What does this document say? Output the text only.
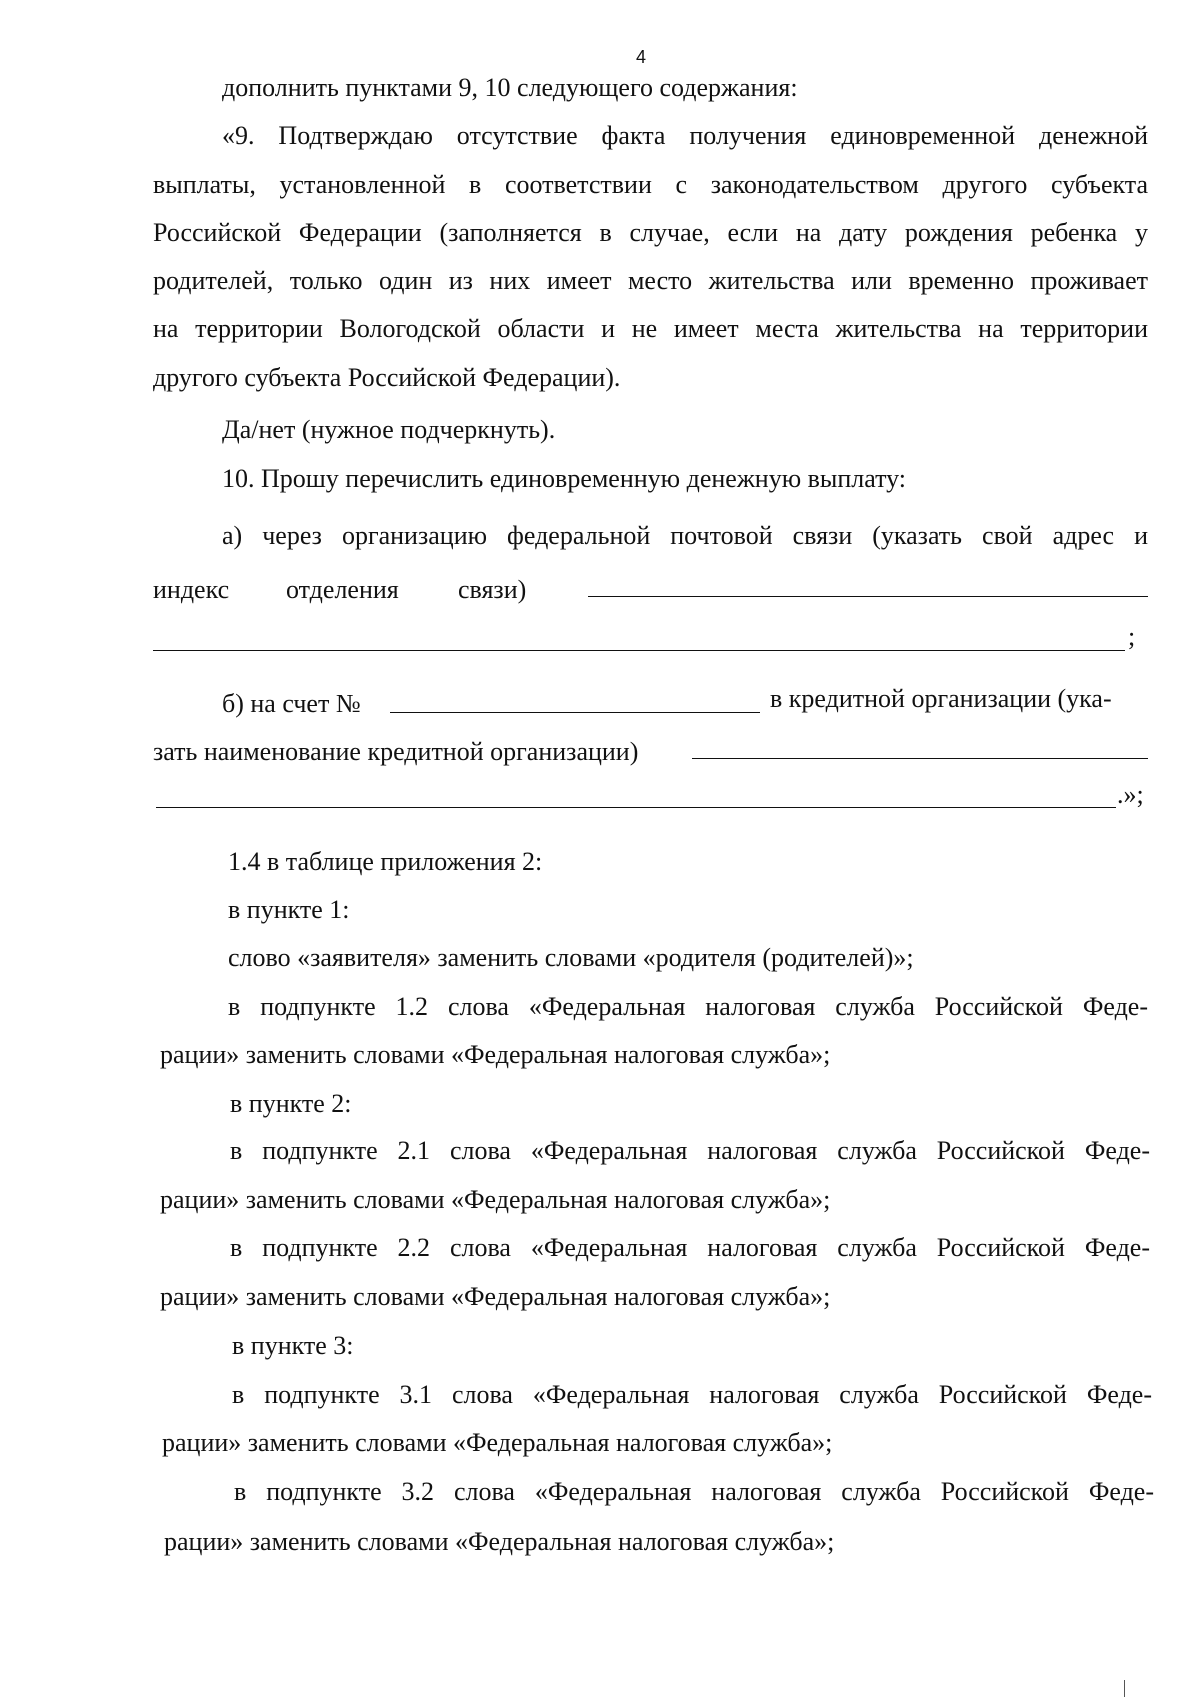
4
дополнить пунктами 9, 10 следующего содержания:
«9. Подтверждаю отсутствие факта получения единовременной денежной
выплаты, установленной в соответствии с законодательством другого субъекта
Российской Федерации (заполняется в случае, если на дату рождения ребенка у
родителей, только один из них имеет место жительства или временно проживает
на территории Вологодской области и не имеет места жительства на территории
другого субъекта Российской Федерации).
Да/нет (нужное подчеркнуть).
10. Прошу перечислить единовременную денежную выплату:
а) через организацию федеральной почтовой связи (указать свой адрес и
индекс отделения связи)
;
б) на счет №	в кредитной организации (ука-
зать наименование кредитной организации)
.»;
1.4 в таблице приложения 2:
в пункте 1:
слово «заявителя» заменить словами «родителя (родителей)»;
в подпункте 1.2 слова «Федеральная налоговая служба Российской Феде-
рации» заменить словами «Федеральная налоговая служба»;
в пункте 2:
в подпункте 2.1 слова «Федеральная налоговая служба Российской Феде-
рации» заменить словами «Федеральная налоговая служба»;
в подпункте 2.2 слова «Федеральная налоговая служба Российской Феде-
рации» заменить словами «Федеральная налоговая служба»;
в пункте 3:
в подпункте 3.1 слова «Федеральная налоговая служба Российской Феде-
рации» заменить словами «Федеральная налоговая служба»;
в подпункте 3.2 слова «Федеральная налоговая служба Российской Феде-
рации» заменить словами «Федеральная налоговая служба»;
